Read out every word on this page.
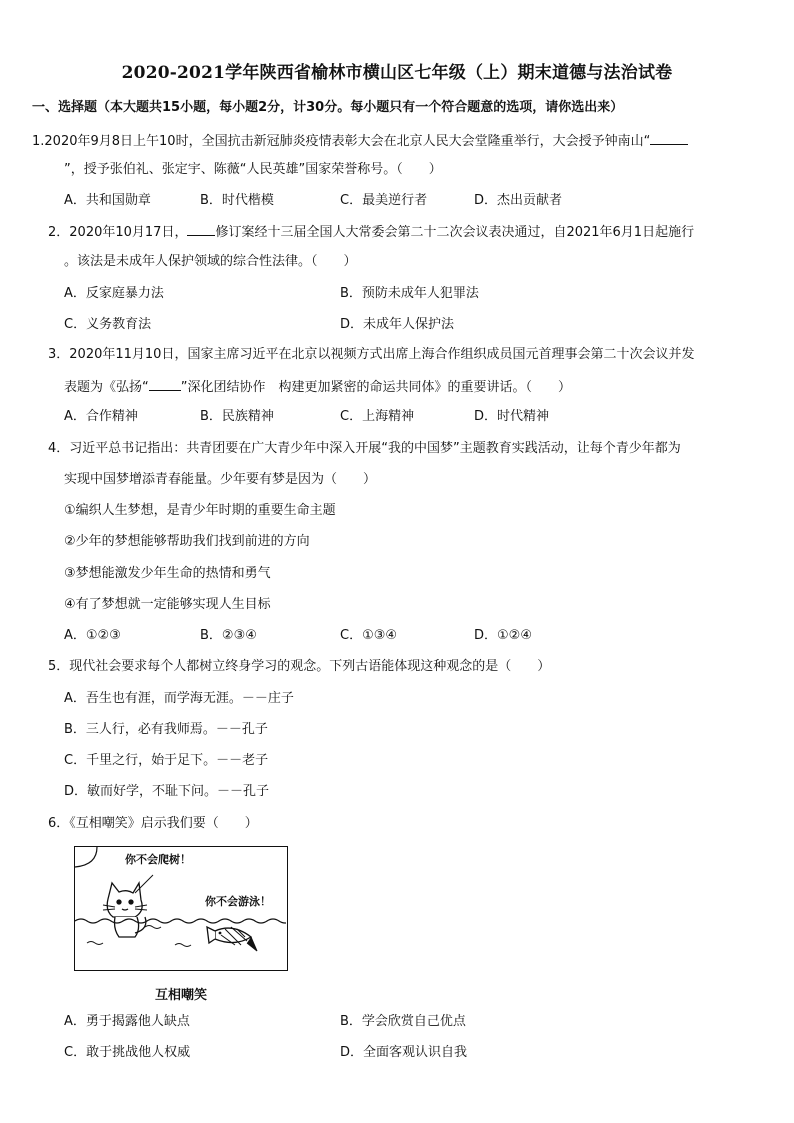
2020-2021学年陕西省榆林市横山区七年级（上）期末道德与法治试卷
一、选择题（本大题共15小题，每小题2分，计30分。每小题只有一个符合题意的选项，请你选出来）
1.2020年9月8日上午10时，全国抗击新冠肺炎疫情表彰大会在北京人民大会堂隆重举行，大会授予钟南山“
”，授予张伯礼、张定宇、陈薇“人民英雄”国家荣誉称号。（　　）
A．共和国勋章	B．时代楷模	C．最美逆行者	D．杰出贡献者
2．2020年10月17日， 修订案经十三届全国人大常委会第二十二次会议表决通过，自2021年6月1日起施行
。该法是未成年人保护领域的综合性法律。（　　）
A．反家庭暴力法	B．预防未成年人犯罪法
C．义务教育法	D．未成年人保护法
3．2020年11月10日，国家主席习近平在北京以视频方式出席上海合作组织成员国元首理事会第二十次会议并发
表题为《弘扬“ ”深化团结协作　构建更加紧密的命运共同体》的重要讲话。（　　）
A．合作精神	B．民族精神	C．上海精神	D．时代精神
4．习近平总书记指出：共青团要在广大青少年中深入开展“我的中国梦”主题教育实践活动，让每个青少年都为
实现中国梦增添青春能量。少年要有梦是因为（　　）
①编织人生梦想，是青少年时期的重要生命主题
②少年的梦想能够帮助我们找到前进的方向
③梦想能激发少年生命的热情和勇气
④有了梦想就一定能够实现人生目标
A．①②③	B．②③④	C．①③④	D．①②④
5．现代社会要求每个人都树立终身学习的观念。下列古语能体现这种观念的是（　　）
A．吾生也有涯，而学海无涯。－－庄子
B．三人行，必有我师焉。－－孔子
C．千里之行，始于足下。－－老子
D．敏而好学，不耻下问。－－孔子
6．《互相嘲笑》启示我们要（　　）
你不会爬树！
你不会游泳！
互相嘲笑
A．勇于揭露他人缺点	B．学会欣赏自己优点
C．敢于挑战他人权威	D．全面客观认识自我
